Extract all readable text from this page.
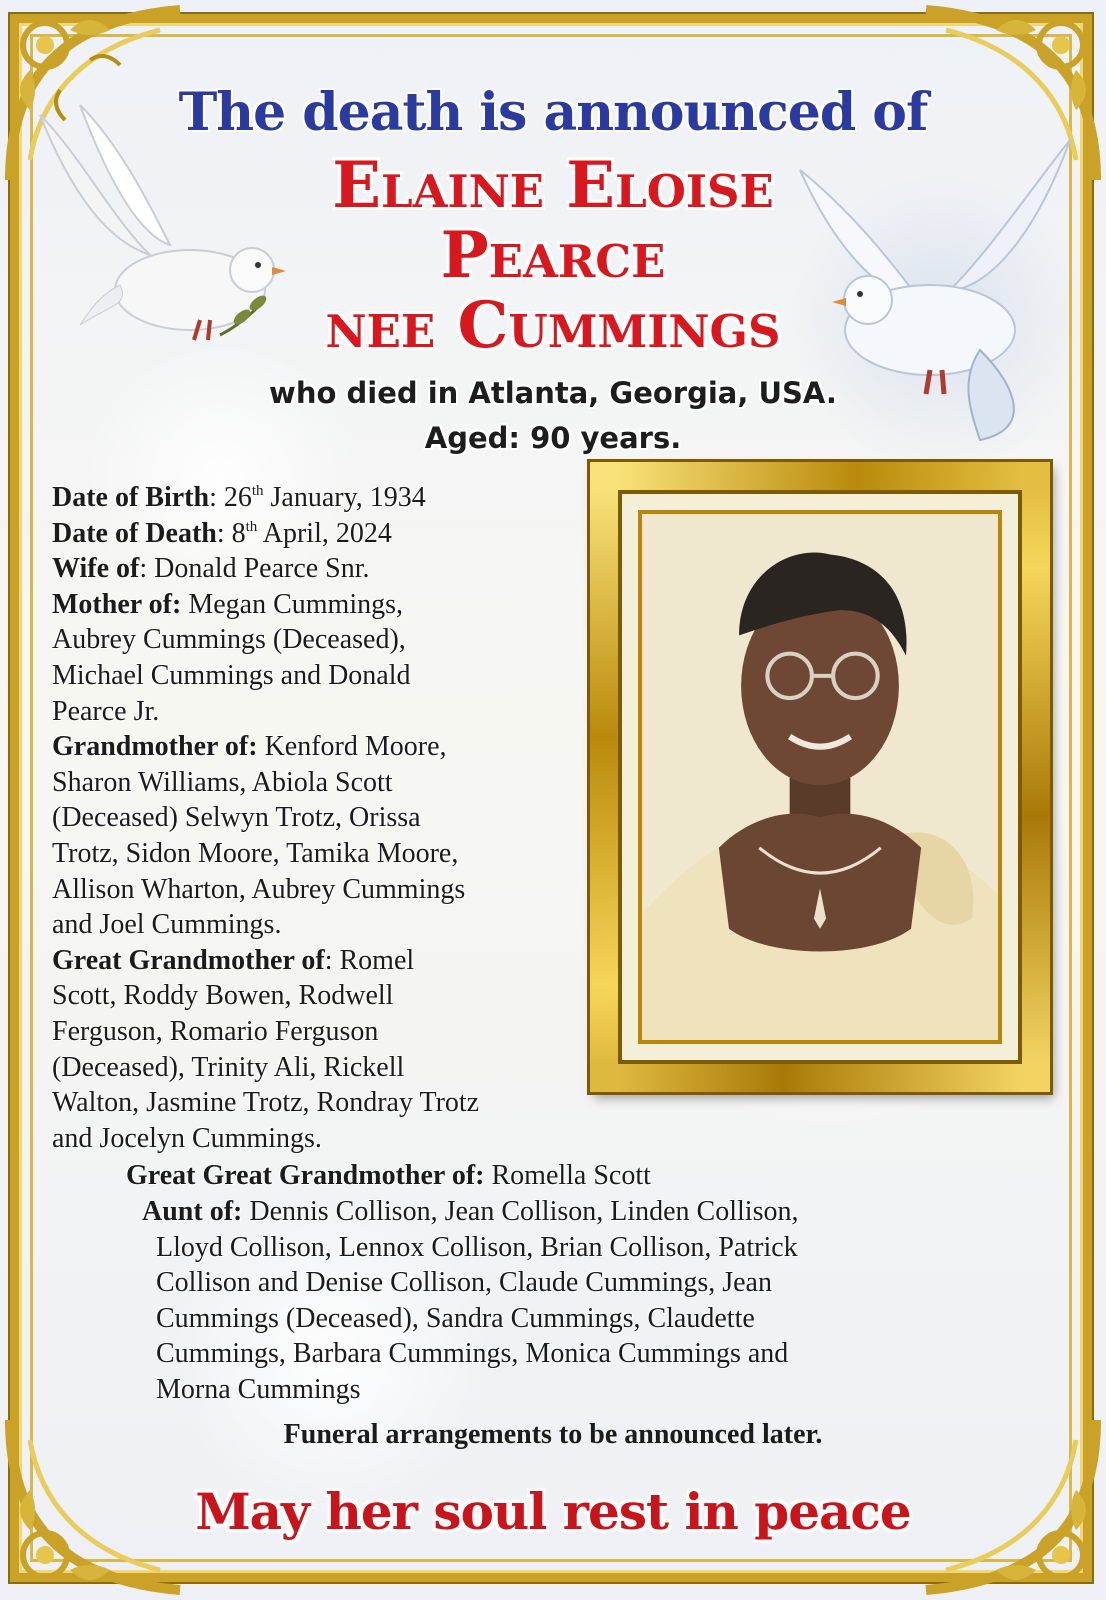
The death is announced of
Elaine Eloise
Pearce
nee Cummings
who died in Atlanta, Georgia, USA.
Aged: 90 years.

Date of Birth: 26th January, 1934

Date of Death: 8th April, 2024

Wife of: Donald Pearce Snr.

Mother of: Megan Cummings,

Aubrey Cummings (Deceased),

Michael Cummings and Donald

Pearce Jr.

Grandmother of: Kenford Moore,

Sharon Williams, Abiola Scott

(Deceased) Selwyn Trotz, Orissa

Trotz, Sidon Moore, Tamika Moore,

Allison Wharton, Aubrey Cummings

and Joel Cummings.

Great Grandmother of: Romel

Scott, Roddy Bowen, Rodwell

Ferguson, Romario Ferguson

(Deceased), Trinity Ali, Rickell

Walton, Jasmine Trotz, Rondray Trotz

and Jocelyn Cummings.

Great Great Grandmother of: Romella Scott
Aunt of: Dennis Collison, Jean Collison, Linden Collison,
Lloyd Collison, Lennox Collison, Brian Collison, Patrick
Collison and Denise Collison, Claude Cummings, Jean
Cummings (Deceased), Sandra Cummings, Claudette
Cummings, Barbara Cummings, Monica Cummings and
Morna Cummings
Funeral arrangements to be announced later.
May her soul rest in peace
